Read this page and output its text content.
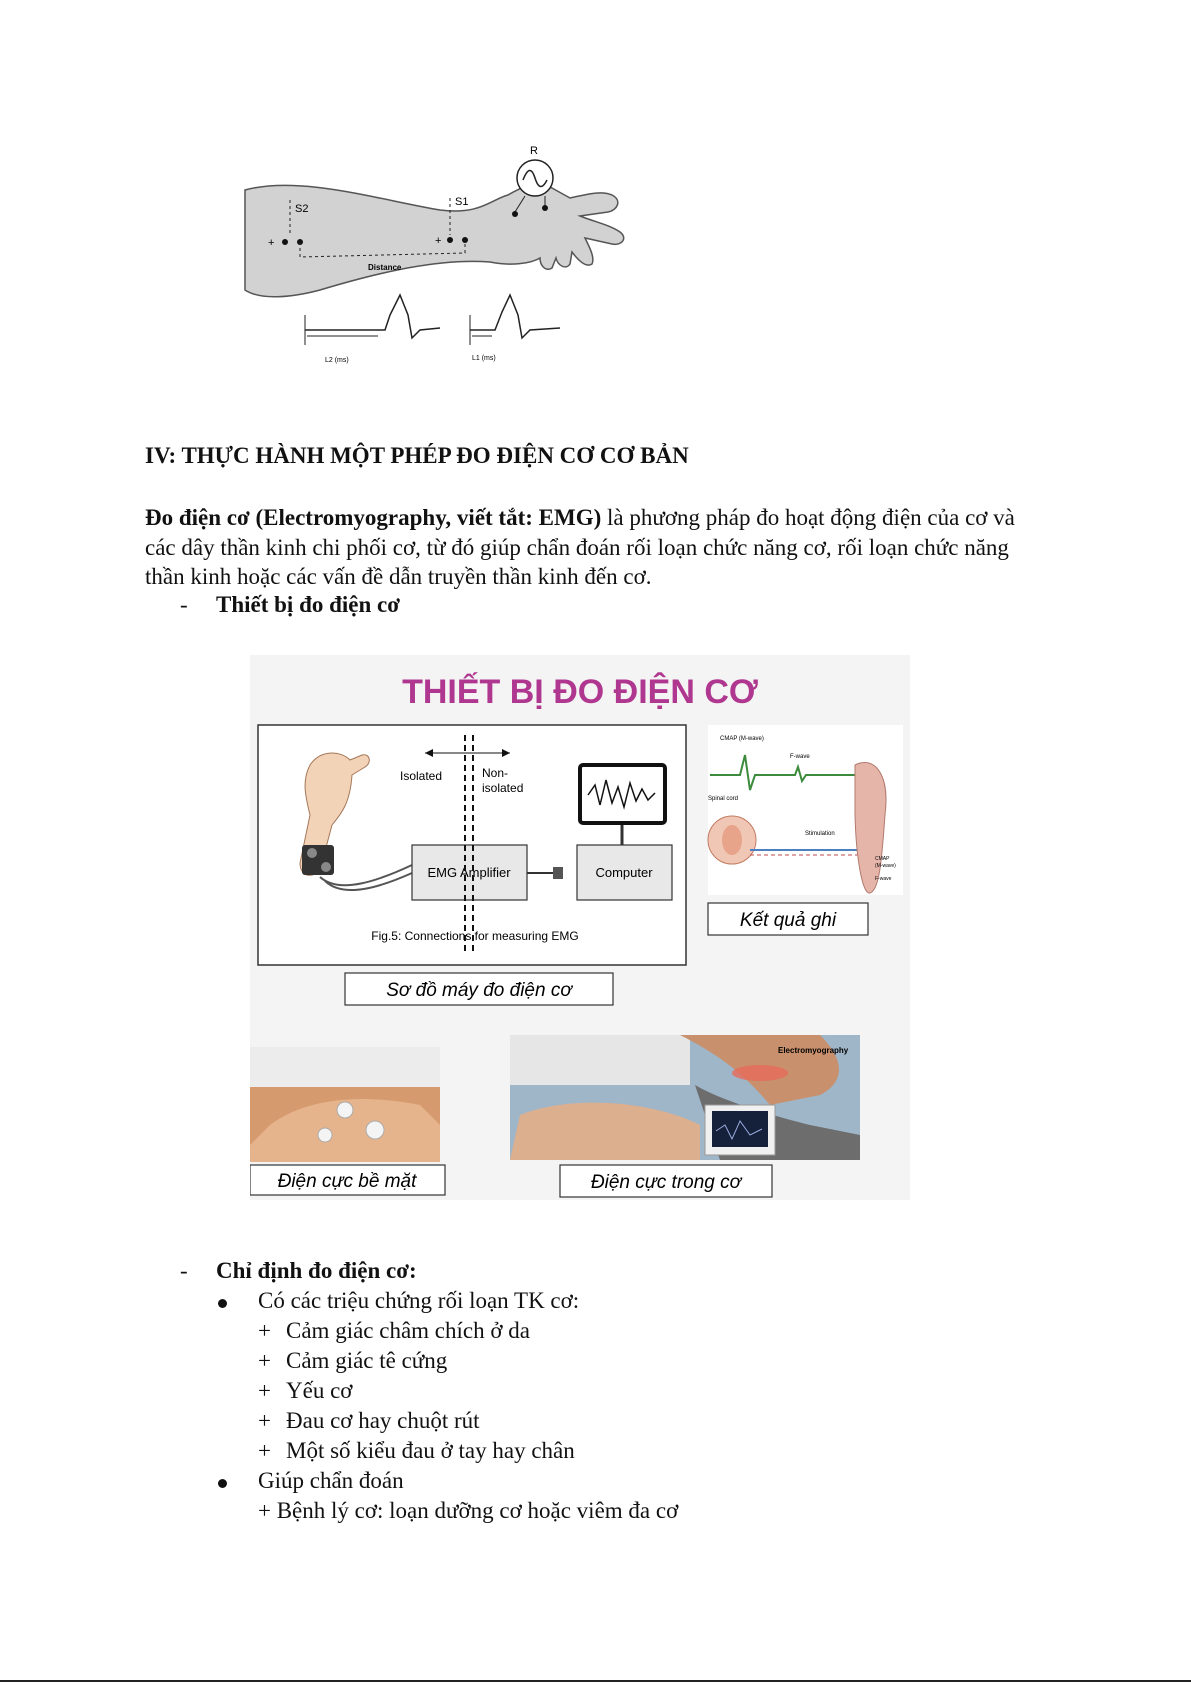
R
S2
+
S1
+
Distance
L2 (ms)	L1 (ms)
IV: THỰC HÀNH MỘT PHÉP ĐO ĐIỆN CƠ CƠ BẢN
Đo điện cơ (Electromyography, viết tắt: EMG) là phương pháp đo hoạt động điện của cơ và các dây thần kinh chi phối cơ, từ đó giúp chẩn đoán rối loạn chức năng cơ, rối loạn chức năng thần kinh hoặc các vấn đề dẫn truyền thần kinh đến cơ.
- Thiết bị đo điện cơ
THIẾT BỊ ĐO ĐIỆN CƠ
EMG Amplifier	Computer
Isolated	Non-
isolated
Fig.5: Connections for measuring EMG
Sơ đồ máy đo điện cơ
CMAP (M-wave)
F-wave
Spinal cord
Stimulation
CMAP
(M-wave)
F-wave
Kết quả ghi
Điện cực bề mặt
Electromyography
Điện cực trong cơ
- Chỉ định đo điện cơ:
Có các triệu chứng rối loạn TK cơ:
+ Cảm giác châm chích ở da
+ Cảm giác tê cứng
+ Yếu cơ
+ Đau cơ hay chuột rút
+ Một số kiểu đau ở tay hay chân
Giúp chẩn đoán
+ Bệnh lý cơ: loạn dưỡng cơ hoặc viêm đa cơ
